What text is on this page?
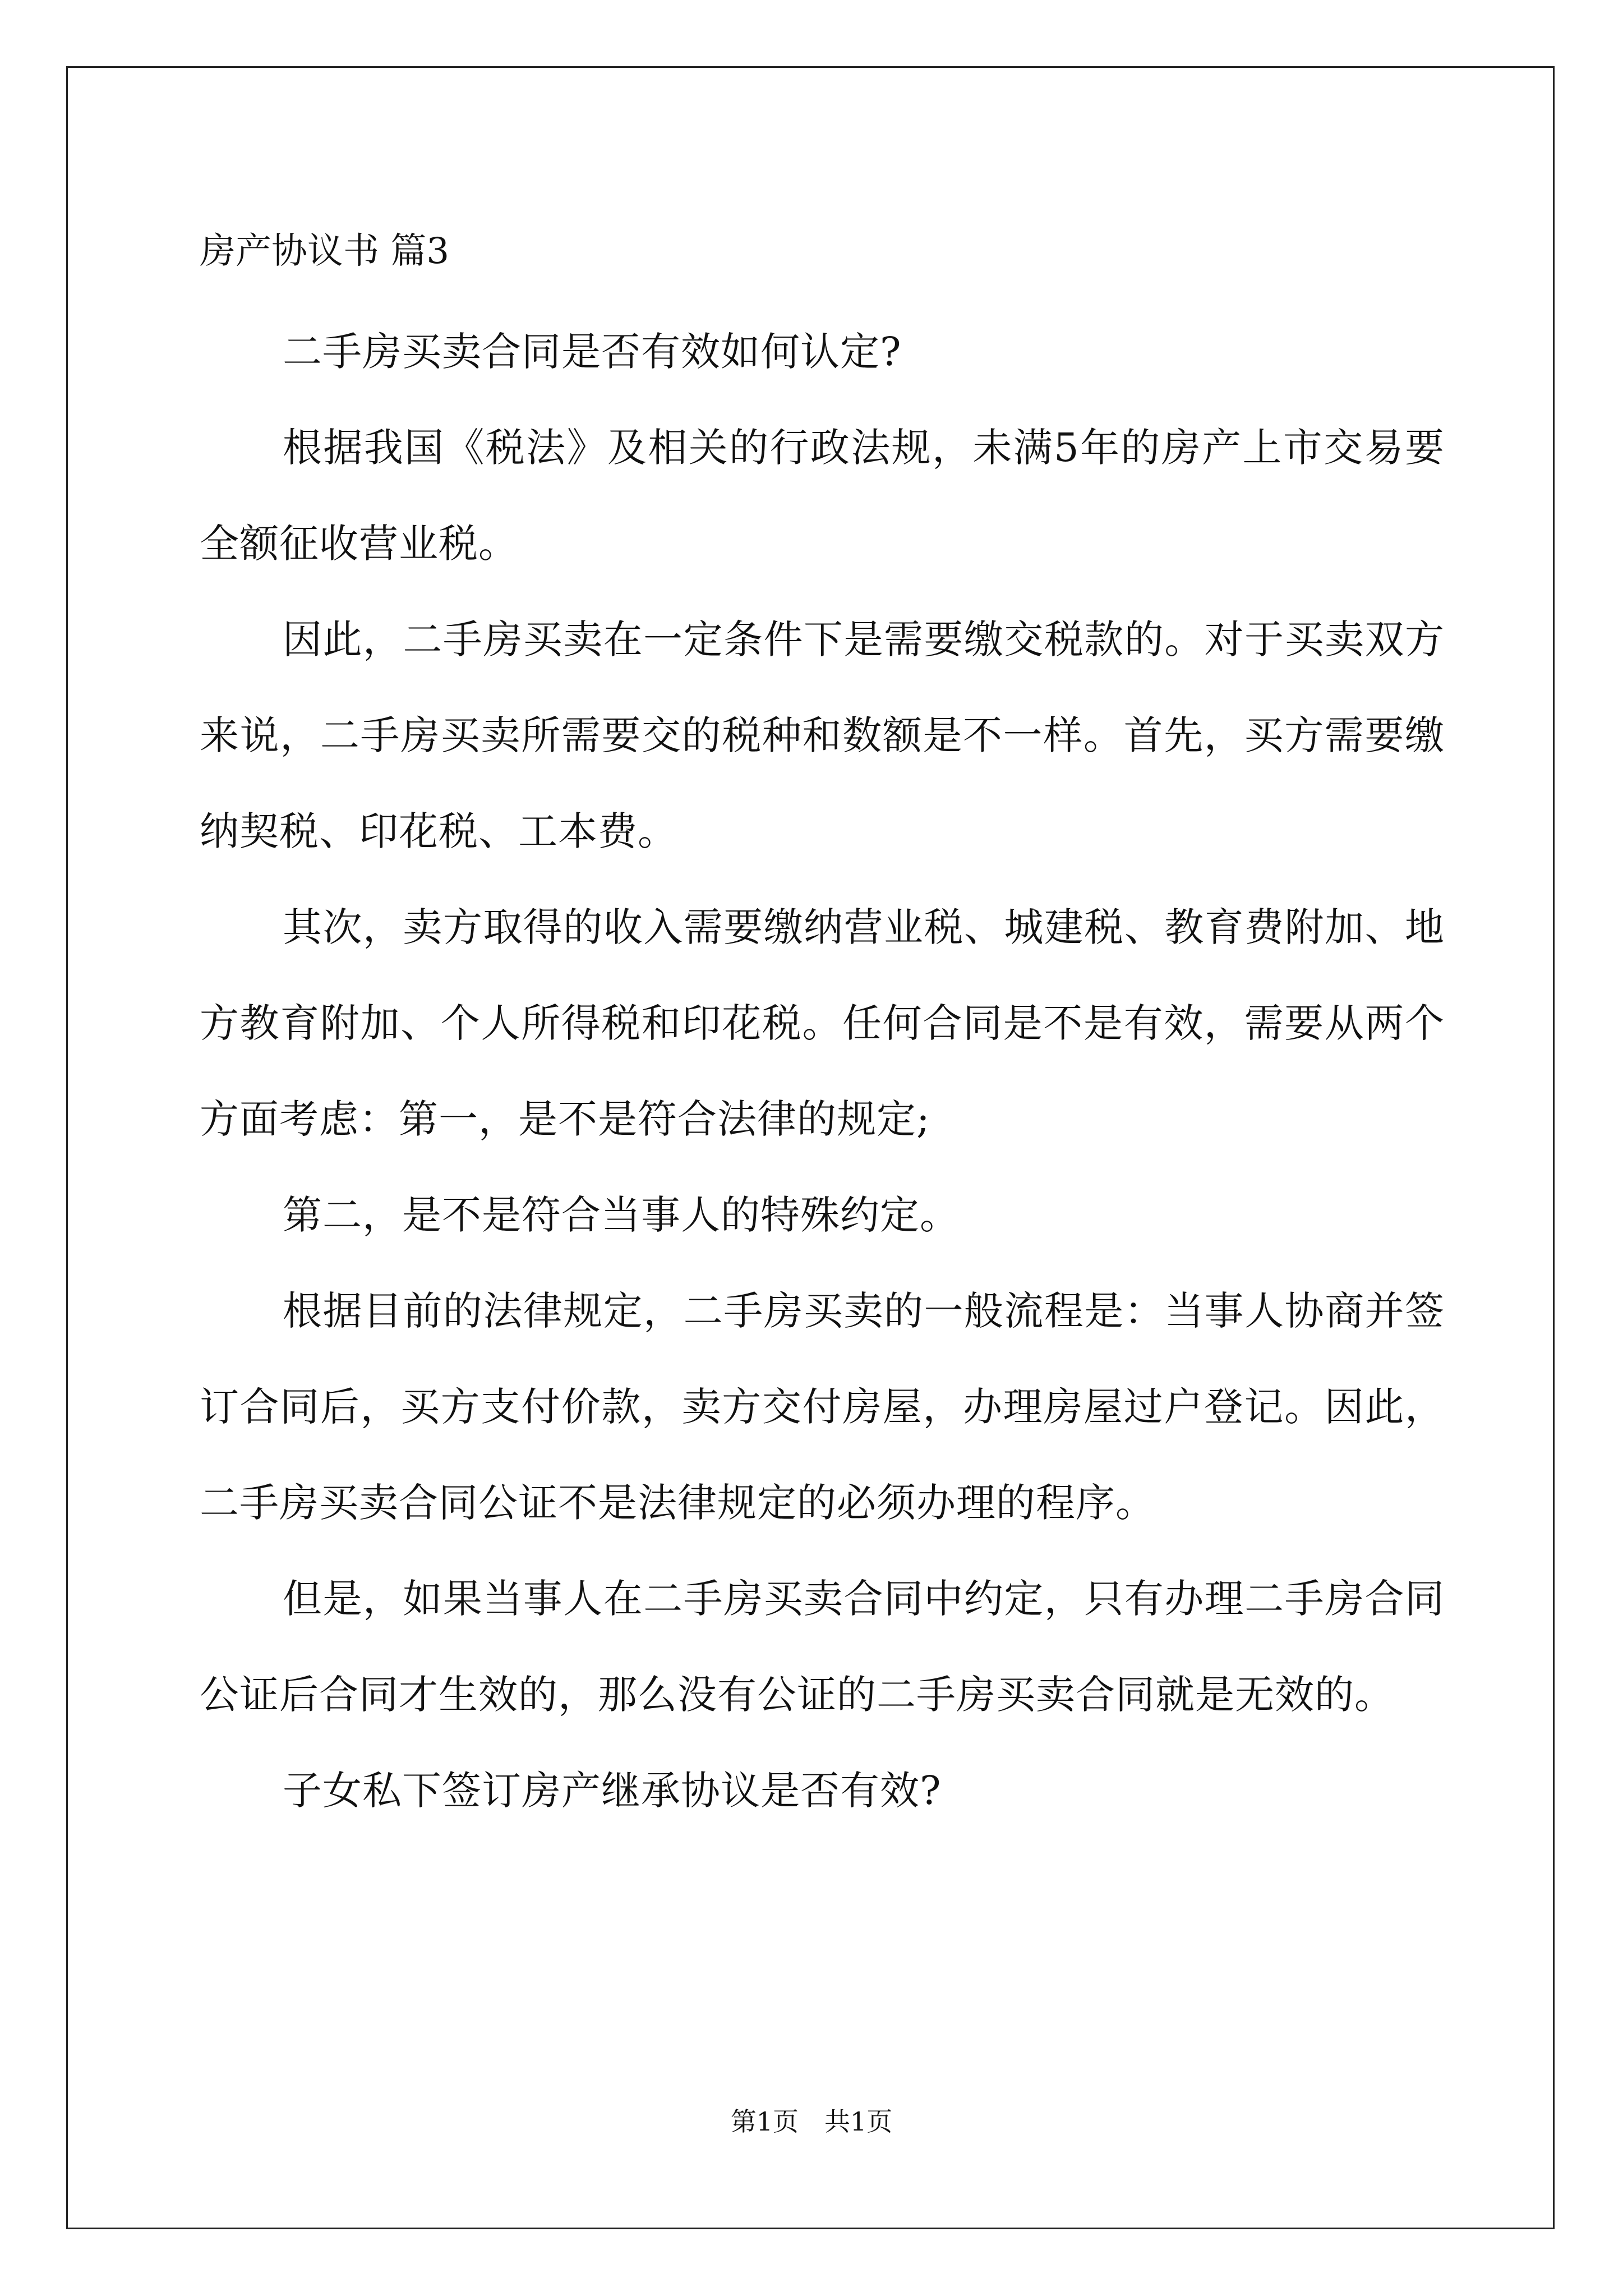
房产协议书 篇3

二手房买卖合同是否有效如何认定?

根据我国《税法》及相关的行政法规，未满5年的房产上市交易要全额征收营业税。

因此，二手房买卖在一定条件下是需要缴交税款的。对于买卖双方来说，二手房买卖所需要交的税种和数额是不一样。首先，买方需要缴纳契税、印花税、工本费。

其次，卖方取得的收入需要缴纳营业税、城建税、教育费附加、地方教育附加、个人所得税和印花税。任何合同是不是有效，需要从两个方面考虑：第一，是不是符合法律的规定;

第二，是不是符合当事人的特殊约定。

根据目前的法律规定，二手房买卖的一般流程是：当事人协商并签订合同后，买方支付价款，卖方交付房屋，办理房屋过户登记。因此，二手房买卖合同公证不是法律规定的必须办理的程序。

但是，如果当事人在二手房买卖合同中约定，只有办理二手房合同公证后合同才生效的，那么没有公证的二手房买卖合同就是无效的。

子女私下签订房产继承协议是否有效?

第1页　共1页
